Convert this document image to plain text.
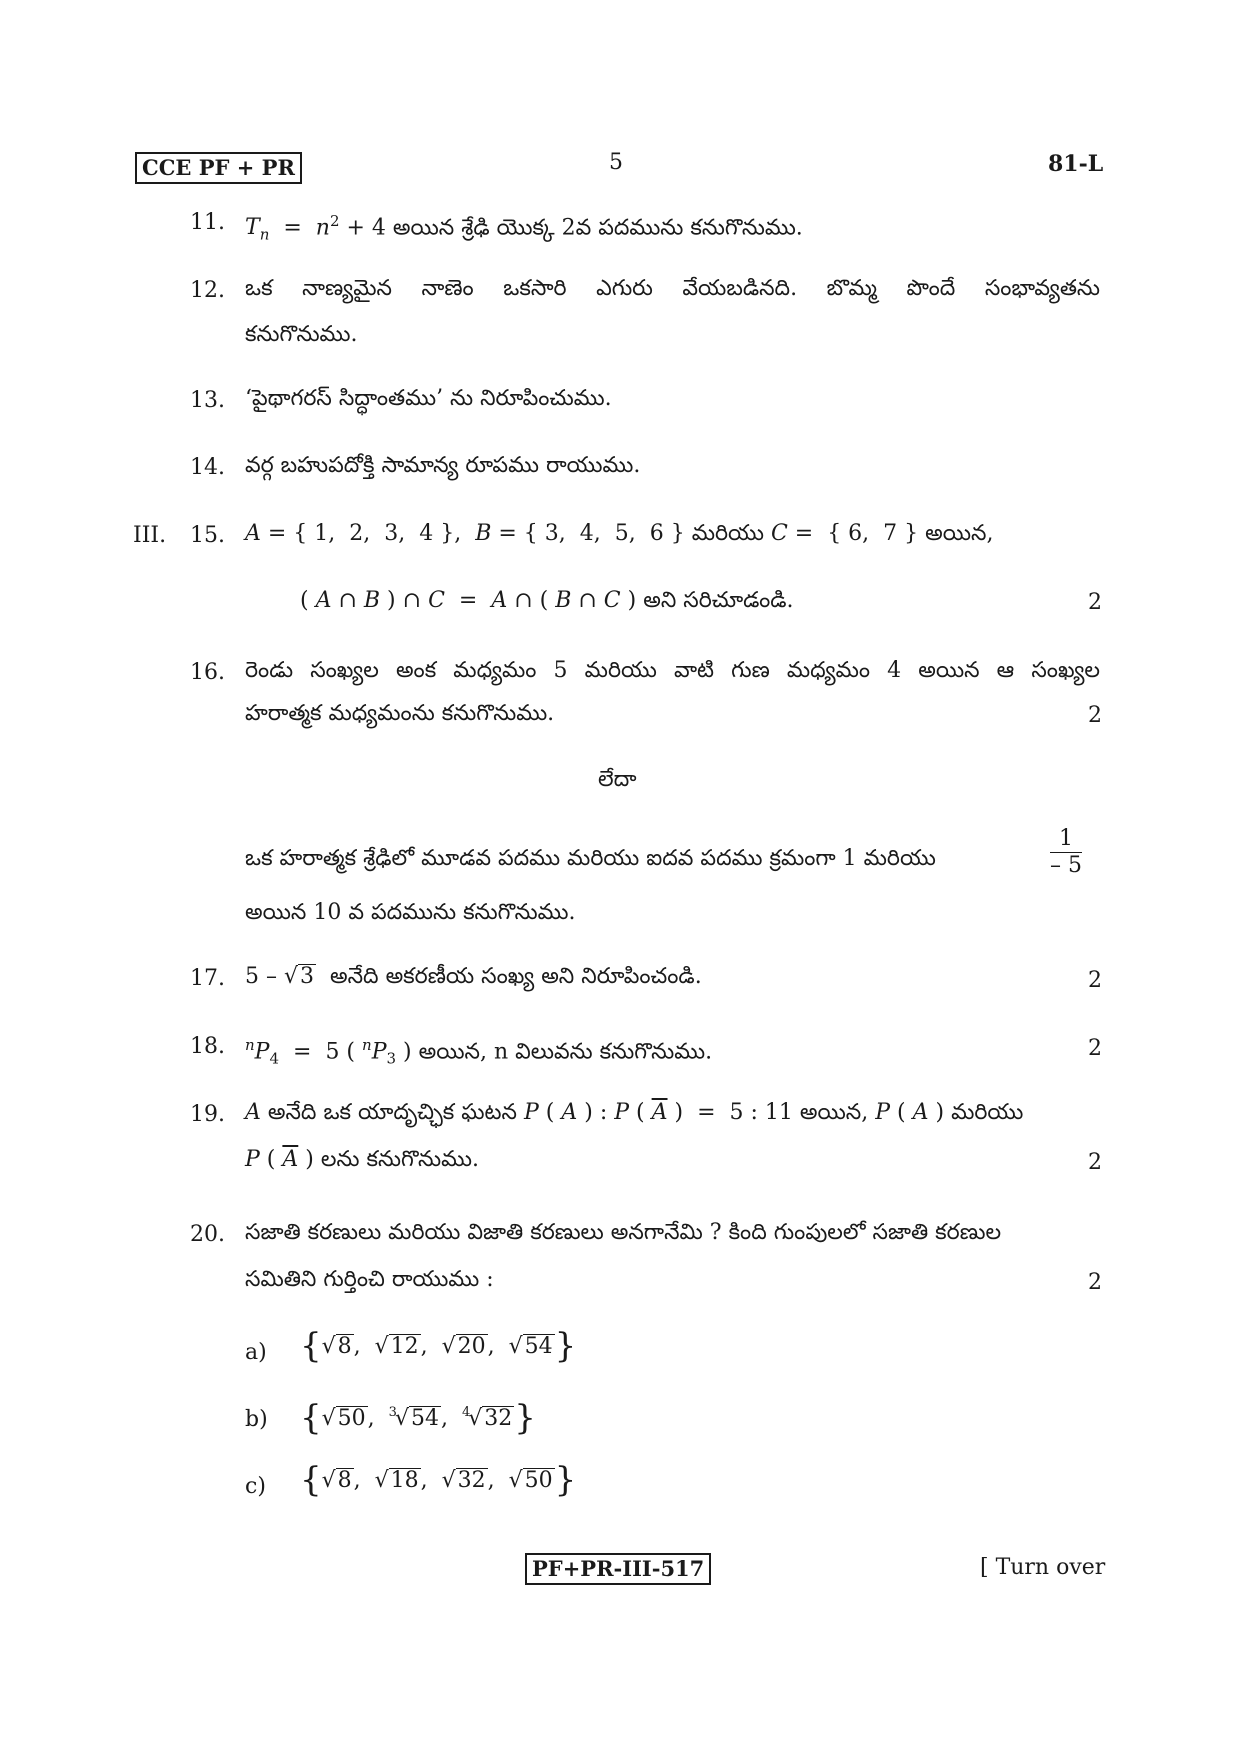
CCE PF + PR	5	81-L
11. $T_n = n^2 + 4$ అయిన శ్రేఢి యొక్క 2వ పదమును కనుగొనుము.
12. ఒక నాణ్యమైన నాణెం ఒకసారి ఎగురు వేయబడినది. బొమ్మ పొందే సంభావ్యతను
కనుగొనుము.
13. ‘పైథాగరస్ సిద్ధాంతము’ ను నిరూపించుము.
14. వర్గ బహుపదోక్తి సామాన్య రూపము రాయుము.
III. 15. A = { 1,  2,  3,  4 },  B = { 3,  4,  5,  6 } మరియు C =  { 6,  7 } అయిన,
( A ∩ B ) ∩ C  =  A ∩ ( B ∩ C ) అని సరిచూడండి.	2
16. రెండు సంఖ్యల అంక మధ్యమం 5 మరియు వాటి గుణ మధ్యమం 4 అయిన ఆ సంఖ్యల
హరాత్మక మధ్యమంను కనుగొనుము.	2
లేదా
ఒక హరాత్మక శ్రేఢిలో మూడవ పదము మరియు ఐదవ పదము క్రమంగా 1 మరియు	$\frac{1}{- 5}$
అయిన 10 వ పదమును కనుగొనుము.
17. 5 – √3 అనేది అకరణీయ సంఖ్య అని నిరూపించండి.	2
18. $^nP_4 = 5$ ( $^nP_3$ ) అయిన, n విలువను కనుగొనుము.	2
19. A అనేది ఒక యాదృచ్ఛిక ఘటన P ( A ) : P ( $\overline{A}$ )  =  5 : 11 అయిన, P ( A ) మరియు
P ( $\overline{A}$ ) లను కనుగొనుము.	2
20. సజాతి కరణులు మరియు విజాతి కరణులు అనగానేమి ? కింది గుంపులలో సజాతి కరణుల
సమితిని గుర్తించి రాయుము :	2
a) {√8,  √12,  √20,  √54}
b) {√50,  $^3$√54,  $^4$√32}
c) {√8,  √18,  √32,  √50}
PF+PR-III-517	[ Turn over
